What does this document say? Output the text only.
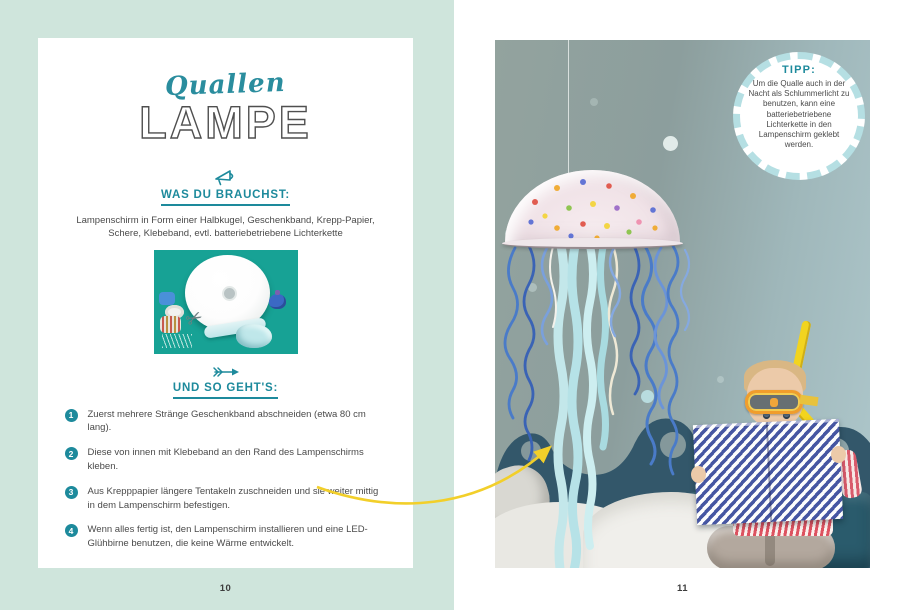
Quallen
LAMPE
WAS DU BRAUCHST:
Lampenschirm in Form einer Halbkugel, Geschenkband, Krepp-Papier, Schere, Klebeband, evtl. batteriebetriebene Lichterkette
✂
UND SO GEHT'S:
1	Zuerst mehrere Stränge Geschenkband abschneiden (etwa 80 cm lang).
2	Diese von innen mit Klebeband an den Rand des Lampenschirms kleben.
3	Aus Krepppapier längere Tentakeln zuschneiden und sie weiter mittig in dem Lampenschirm befestigen.
4	Wenn alles fertig ist, den Lampenschirm installieren und eine LED-Glühbirne benutzen, die keine Wärme entwickelt.
10	11
TIPP:
Um die Qualle auch in der Nacht als Schlummerlicht zu benutzen, kann eine batteriebetriebene Lichterkette in den Lampenschirm geklebt werden.
